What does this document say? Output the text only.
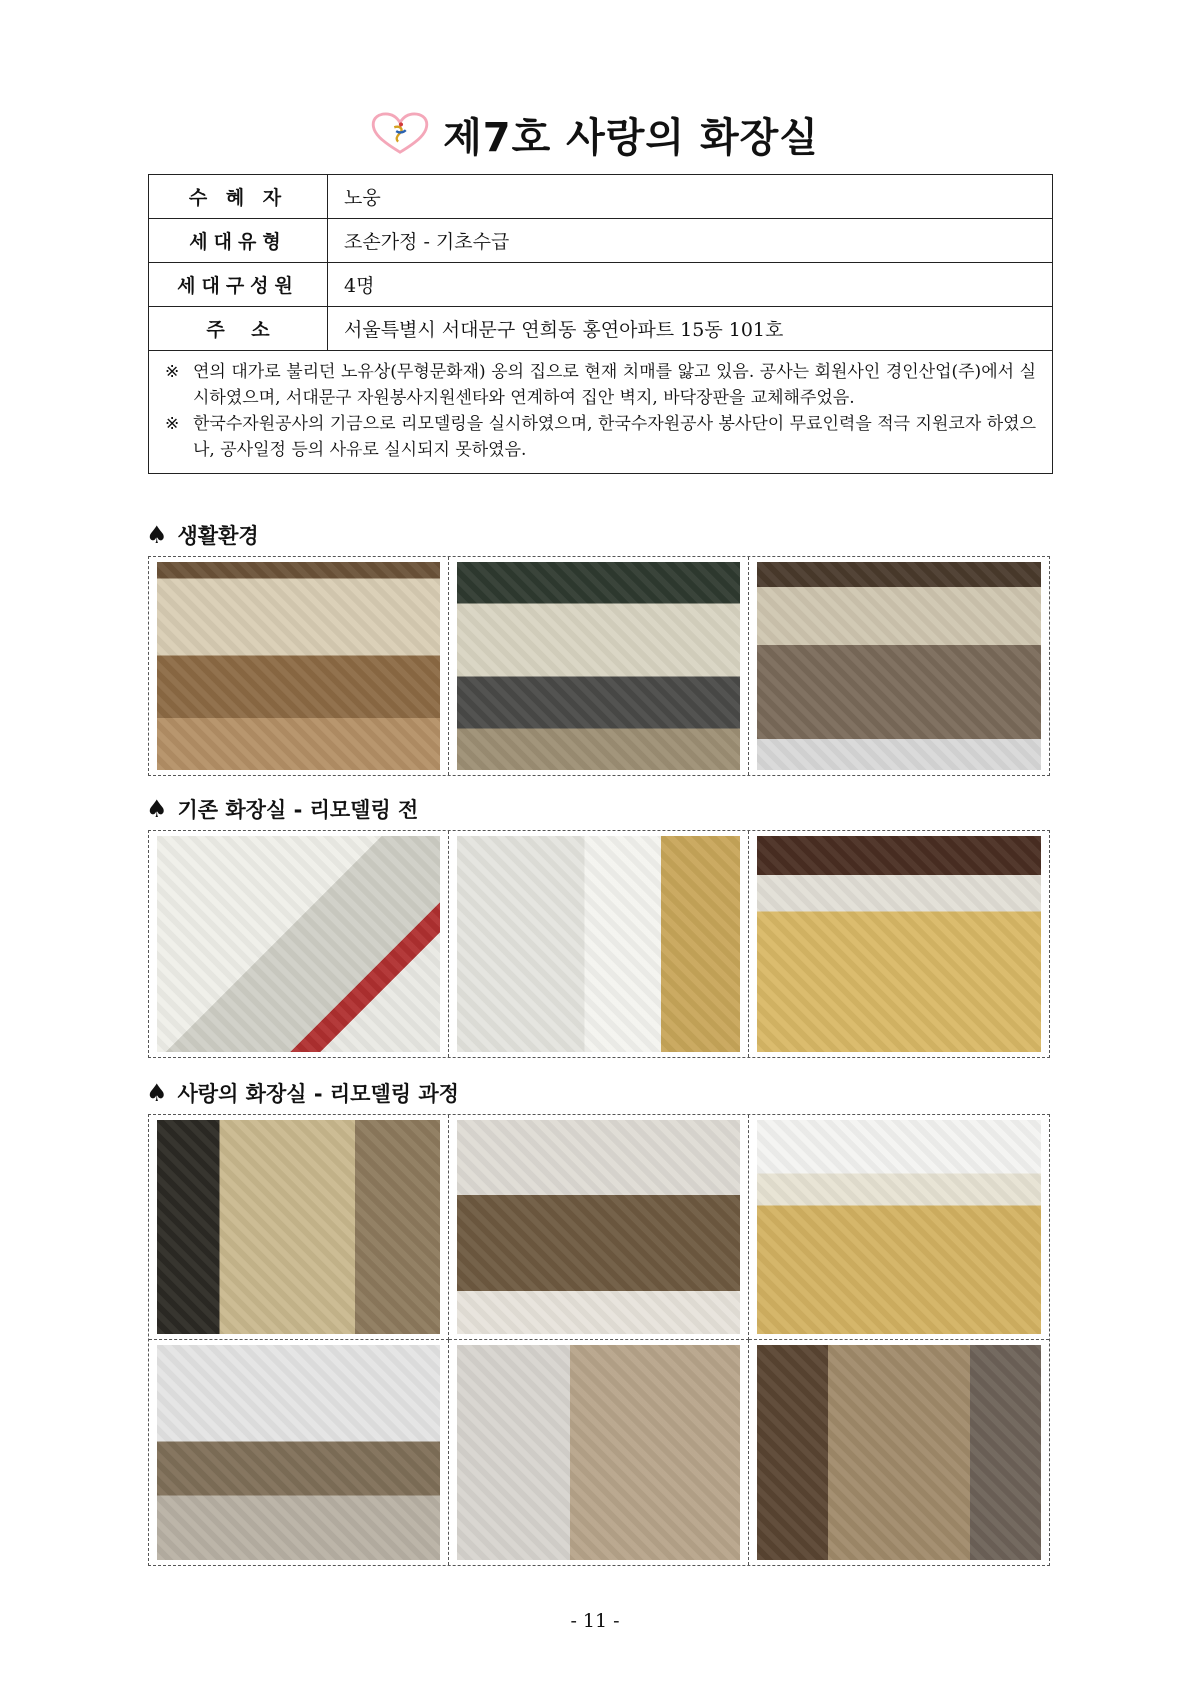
제7호 사랑의 화장실
수 혜 자	노웅
세대유형	조손가정 - 기초수급
세대구성원	4명
주    소	서울특별시 서대문구 연희동 홍연아파트 15동 101호

※ 연의 대가로 불리던 노유상(무형문화재) 옹의 집으로 현재 치매를 앓고 있음. 공사는 회원사인 경인산업(주)에서 실시하였으며, 서대문구 자원봉사지원센타와 연계하여 집안 벽지, 바닥장판을 교체해주었음.
※ 한국수자원공사의 기금으로 리모델링을 실시하였으며, 한국수자원공사 봉사단이 무료인력을 적극 지원코자 하였으나, 공사일정 등의 사유로 실시되지 못하였음.	
♠ 생활환경
♠ 기존 화장실 - 리모델링 전
♠ 사랑의 화장실 - 리모델링 과정
- 11 -
